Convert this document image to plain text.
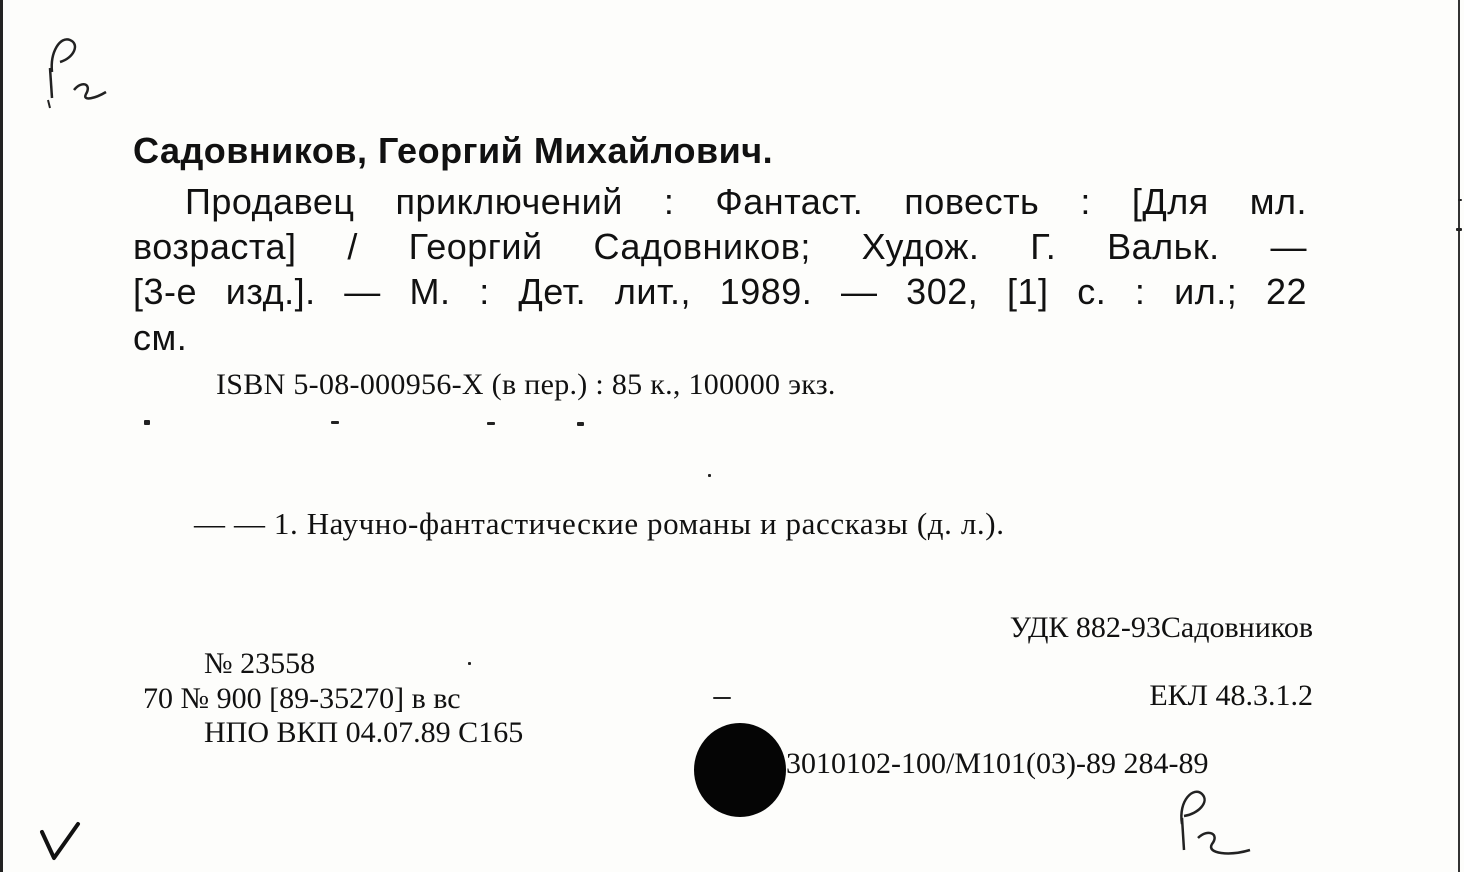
Садовников, Георгий Михайлович.
Продавец приключений : Фантаст. повесть : [Для мл.
возраста] / Георгий Садовников; Худож. Г. Вальк. —
[3-е изд.]. — М. : Дет. лит., 1989. — 302, [1] с. : ил.; 22
см.
ISBN 5-08-000956-X (в пер.) : 85 к., 100000 экз.
— — 1. Научно-фантастические романы и рассказы (д. л.).
УДК 882-93Садовников
№ 23558
70 № 900 [89-35270] в вс	ЕКЛ 48.3.1.2
НПО ВКП 04.07.89 С165
3010102-100/М101(03)-89 284-89
